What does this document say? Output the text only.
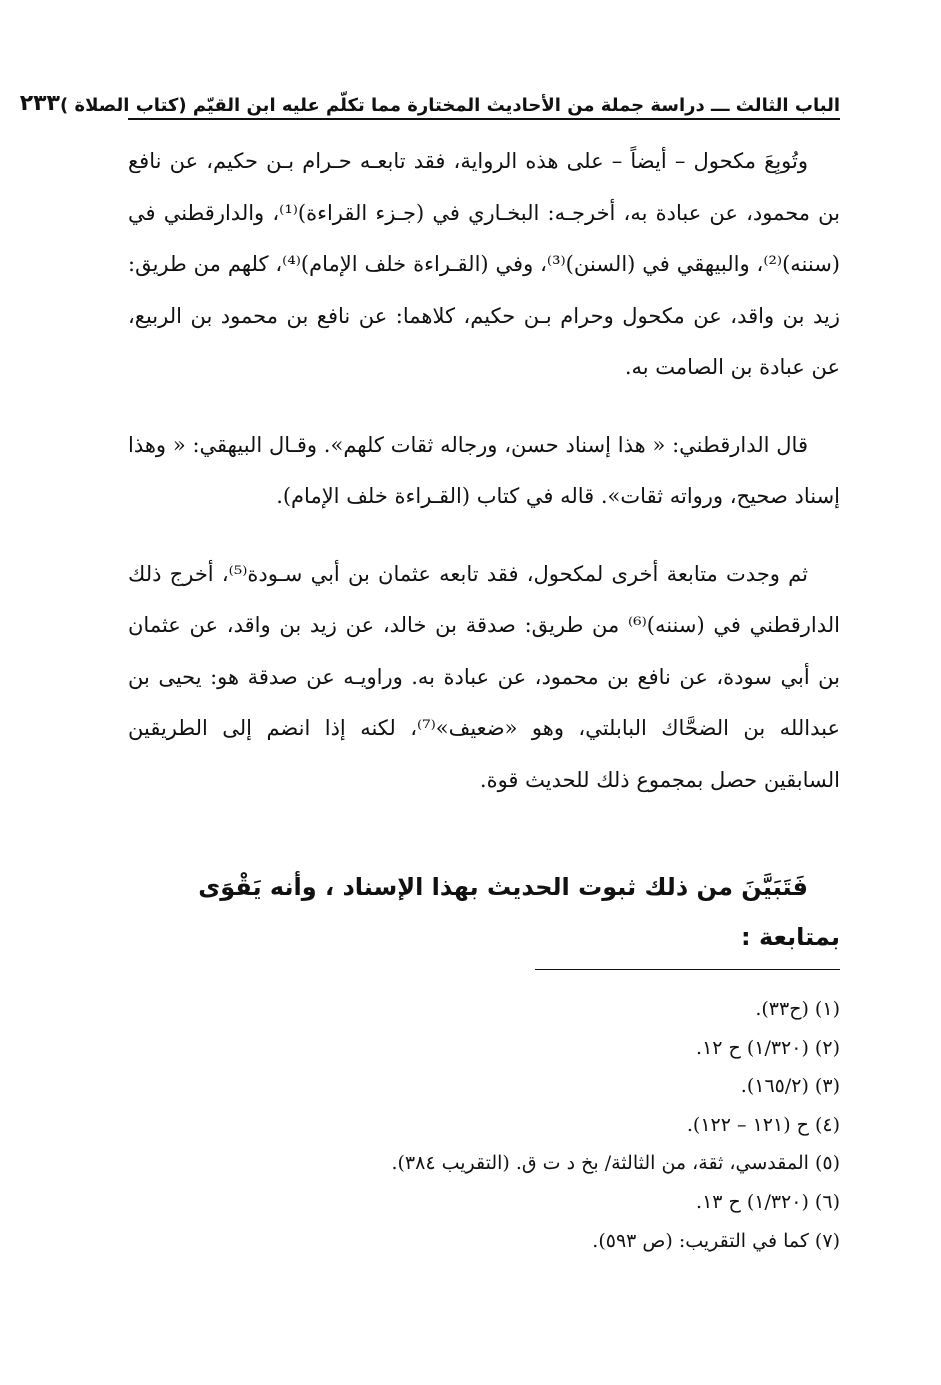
الباب الثالث ـــ دراسة جملة من الأحاديث المختارة مما تكلّم عليه ابن القيّم (كتاب الصلاة )
٢٣٣

وتُوبِعَ مكحول – أيضاً – على هذه الرواية، فقد تابعـه حـرام بـن حكيم، عن نافع بن محمود، عن عبادة به، أخرجـه: البخـاري في (جـزء القراءة)⁽¹⁾، والدارقطني في (سننه)⁽²⁾، والبيهقي في (السنن)⁽³⁾، وفي (القـراءة خلف الإمام)⁽⁴⁾، كلهم من طريق: زيد بن واقد، عن مكحول وحرام بـن حكيم، كلاهما: عن نافع بن محمود بن الربيع، عن عبادة بن الصامت به.

قال الدارقطني: « هذا إسناد حسن، ورجاله ثقات كلهم». وقـال البيهقي: « وهذا إسناد صحيح، ورواته ثقات». قاله في كتاب (القـراءة خلف الإمام).

ثم وجدت متابعة أخرى لمكحول، فقد تابعه عثمان بن أبي سـودة⁽⁵⁾، أخرج ذلك الدارقطني في (سننه)⁽⁶⁾ من طريق: صدقة بن خالد، عن زيد بن واقد، عن عثمان بن أبي سودة، عن نافع بن محمود، عن عبادة به. وراويـه عن صدقة هو: يحيى بن عبدالله بن الضحَّاك البابلتي، وهو «ضعيف»⁽⁷⁾، لكنه إذا انضم إلى الطريقين السابقين حصل بمجموع ذلك للحديث قوة.

فَتَبَيَّنَ من ذلك ثبوت الحديث بهذا الإسناد ، وأنه يَقْوَى بمتابعة :
(١) (ح٣٣).
(٢) (١/٣٢٠) ح ١٢.
(٣) (١٦٥/٢).
(٤) ح (١٢١ – ١٢٢).
(٥) المقدسي، ثقة، من الثالثة/ بخ د ت ق. (التقريب ٣٨٤).
(٦) (١/٣٢٠) ح ١٣.
(٧) كما في التقريب: (ص ٥٩٣).
